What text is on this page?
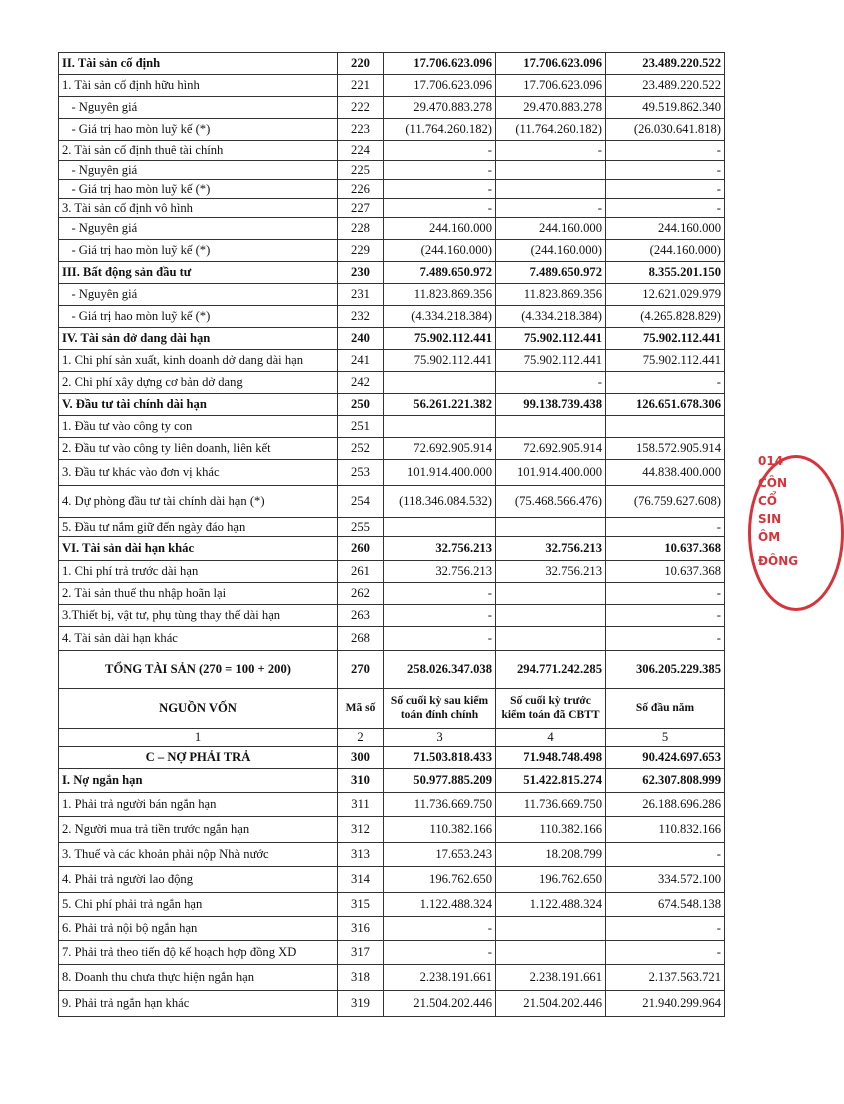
II. Tài sản cố định	220	17.706.623.096	17.706.623.096	23.489.220.522
1. Tài sản cố định hữu hình	221	17.706.623.096	17.706.623.096	23.489.220.522
- Nguyên giá	222	29.470.883.278	29.470.883.278	49.519.862.340
- Giá trị hao mòn luỹ kế (*)	223	(11.764.260.182)	(11.764.260.182)	(26.030.641.818)
2. Tài sản cố định thuê tài chính	224	-	-	-
- Nguyên giá	225	-		-
- Giá trị hao mòn luỹ kế (*)	226	-		-
3. Tài sản cố định vô hình	227	-	-	-
- Nguyên giá	228	244.160.000	244.160.000	244.160.000
- Giá trị hao mòn luỹ kế (*)	229	(244.160.000)	(244.160.000)	(244.160.000)
III. Bất động sản đầu tư	230	7.489.650.972	7.489.650.972	8.355.201.150
- Nguyên giá	231	11.823.869.356	11.823.869.356	12.621.029.979
- Giá trị hao mòn luỹ kế (*)	232	(4.334.218.384)	(4.334.218.384)	(4.265.828.829)
IV. Tài sản dở dang dài hạn	240	75.902.112.441	75.902.112.441	75.902.112.441
1. Chi phí sản xuất, kinh doanh dở dang dài hạn	241	75.902.112.441	75.902.112.441	75.902.112.441
2. Chi phí xây dựng cơ bản dở dang	242		-	-
V. Đầu tư tài chính dài hạn	250	56.261.221.382	99.138.739.438	126.651.678.306
1. Đầu tư vào công ty con	251			
2. Đầu tư vào công ty liên doanh, liên kết	252	72.692.905.914	72.692.905.914	158.572.905.914
3. Đầu tư khác vào đơn vị khác	253	101.914.400.000	101.914.400.000	44.838.400.000
4. Dự phòng đầu tư tài chính dài hạn (*)	254	(118.346.084.532)	(75.468.566.476)	(76.759.627.608)
5. Đầu tư nắm giữ đến ngày đáo hạn	255			-
VI. Tài sản dài hạn khác	260	32.756.213	32.756.213	10.637.368
1. Chi phí trả trước dài hạn	261	32.756.213	32.756.213	10.637.368
2. Tài sản thuế thu nhập hoãn lại	262	-		-
3.Thiết bị, vật tư, phụ tùng thay thế dài hạn	263	-		-
4. Tài sản dài hạn khác	268	-		-
TỔNG TÀI SẢN (270 = 100 + 200)	270	258.026.347.038	294.771.242.285	306.205.229.385
NGUỒN VỐN	Mã số	Số cuối kỳ sau kiểm toán đính chính	Số cuối kỳ trước kiểm toán đã CBTT	Số đầu năm
1	2	3	4	5
C – NỢ PHẢI TRẢ	300	71.503.818.433	71.948.748.498	90.424.697.653
I. Nợ ngắn hạn	310	50.977.885.209	51.422.815.274	62.307.808.999
1. Phải trả người bán ngắn hạn	311	11.736.669.750	11.736.669.750	26.188.696.286
2. Người mua trả tiền trước ngắn hạn	312	110.382.166	110.382.166	110.832.166
3. Thuế và các khoản phải nộp Nhà nước	313	17.653.243	18.208.799	-
4. Phải trả người lao động	314	196.762.650	196.762.650	334.572.100
5. Chi phí phải trả ngắn hạn	315	1.122.488.324	1.122.488.324	674.548.138
6. Phải trả nội bộ ngắn hạn	316	-		-
7. Phải trả theo tiến độ kế hoạch hợp đồng XD	317	-		-
8. Doanh thu chưa thực hiện ngắn hạn	318	2.238.191.661	2.238.191.661	2.137.563.721
9. Phải trả ngắn hạn khác	319	21.504.202.446	21.504.202.446	21.940.299.964
014
CÔN
CỔ
SIN
ÔM
ĐÔNG
